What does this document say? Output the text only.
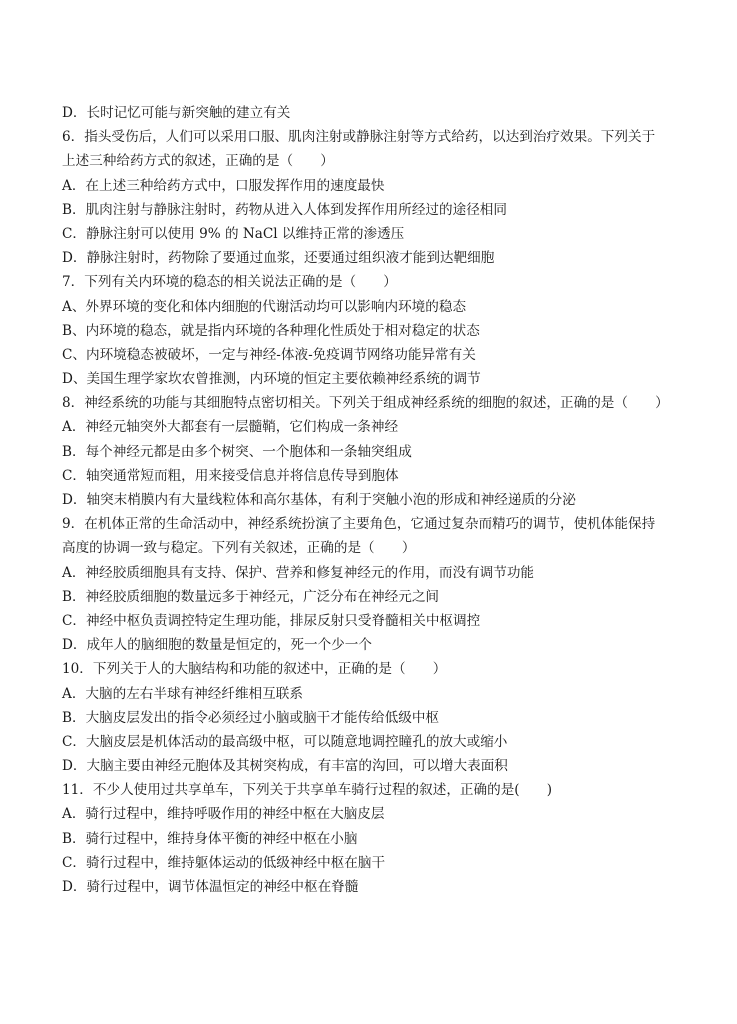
D．长时记忆可能与新突触的建立有关

6．指头受伤后，人们可以采用口服、肌肉注射或静脉注射等方式给药，以达到治疗效果。下列关于

上述三种给药方式的叙述，正确的是（　　）

A．在上述三种给药方式中，口服发挥作用的速度最快

B．肌肉注射与静脉注射时，药物从进入人体到发挥作用所经过的途径相同

C．静脉注射可以使用 9% 的 NaCl 以维持正常的渗透压

D．静脉注射时，药物除了要通过血浆，还要通过组织液才能到达靶细胞

7．下列有关内环境的稳态的相关说法正确的是（　　）

A、外界环境的变化和体内细胞的代谢活动均可以影响内环境的稳态

B、内环境的稳态，就是指内环境的各种理化性质处于相对稳定的状态

C、内环境稳态被破坏，一定与神经-体液-免疫调节网络功能异常有关

D、美国生理学家坎农曾推测，内环境的恒定主要依赖神经系统的调节

8．神经系统的功能与其细胞特点密切相关。下列关于组成神经系统的细胞的叙述，正确的是（　　）

A．神经元轴突外大都套有一层髓鞘，它们构成一条神经

B．每个神经元都是由多个树突、一个胞体和一条轴突组成

C．轴突通常短而粗，用来接受信息并将信息传导到胞体

D．轴突末梢膜内有大量线粒体和高尔基体，有利于突触小泡的形成和神经递质的分泌

9．在机体正常的生命活动中，神经系统扮演了主要角色，它通过复杂而精巧的调节，使机体能保持

高度的协调一致与稳定。下列有关叙述，正确的是（　　）

A．神经胶质细胞具有支持、保护、营养和修复神经元的作用，而没有调节功能

B．神经胶质细胞的数量远多于神经元，广泛分布在神经元之间

C．神经中枢负责调控特定生理功能，排尿反射只受脊髓相关中枢调控

D．成年人的脑细胞的数量是恒定的，死一个少一个

10．下列关于人的大脑结构和功能的叙述中，正确的是（　　）

A．大脑的左右半球有神经纤维相互联系

B．大脑皮层发出的指令必须经过小脑或脑干才能传给低级中枢

C．大脑皮层是机体活动的最高级中枢，可以随意地调控瞳孔的放大或缩小

D．大脑主要由神经元胞体及其树突构成，有丰富的沟回，可以增大表面积

11．不少人使用过共享单车，下列关于共享单车骑行过程的叙述，正确的是(　　)

A．骑行过程中，维持呼吸作用的神经中枢在大脑皮层

B．骑行过程中，维持身体平衡的神经中枢在小脑

C．骑行过程中，维持躯体运动的低级神经中枢在脑干

D．骑行过程中，调节体温恒定的神经中枢在脊髓
